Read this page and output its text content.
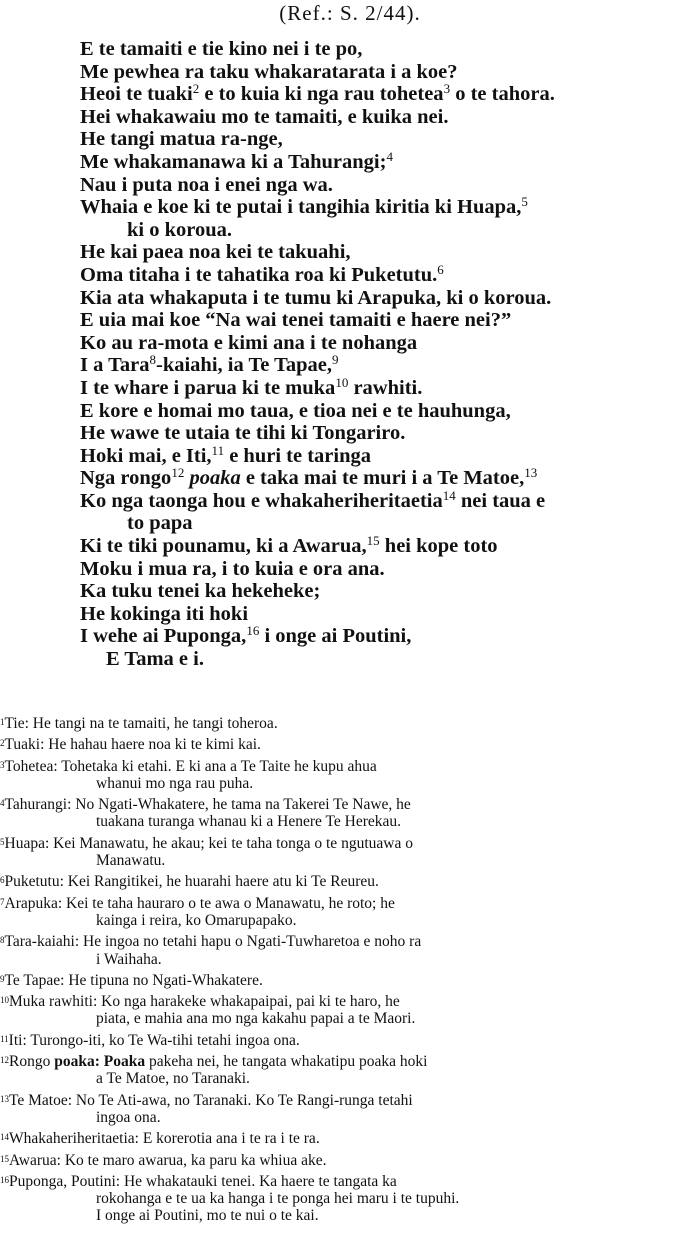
(Ref.: S. 2/44).
E te tamaiti e tie kino nei i te po,
Me pewhea ra taku whakaratarata i a koe?
Heoi te tuaki$^2$ e to kuia ki nga rau tohetea$^3$ o te tahora.
Hei whakawaiu mo te tamaiti, e kuika nei.
He tangi matua ra-nge,
Me whakamanawa ki a Tahurangi;$^4$
Nau i puta noa i enei nga wa.
Whaia e koe ki te putai i tangihia kiritia ki Huapa,$^5$
ki o koroua.
He kai paea noa kei te takuahi,
Oma titaha i te tahatika roa ki Puketutu.$^6$
Kia ata whakaputa i te tumu ki Arapuka, ki o koroua.
E uia mai koe “Na wai tenei tamaiti e haere nei?”
Ko au ra-mota e kimi ana i te nohanga
I a Tara$^8$-kaiahi, ia Te Tapae,$^9$
I te whare i parua ki te muka$^{10}$ rawhiti.
E kore e homai mo taua, e tioa nei e te hauhunga,
He wawe te utaia te tihi ki Tongariro.
Hoki mai, e Iti,$^{11}$ e huri te taringa
Nga rongo$^{12}$ poaka e taka mai te muri i a Te Matoe,$^{13}$
Ko nga taonga hou e whakaheriheritaetia$^{14}$ nei taua e
to papa
Ki te tiki pounamu, ki a Awarua,$^{15}$ hei kope toto
Moku i mua ra, i to kuia e ora ana.
Ka tuku tenei ka hekeheke;
He kokinga iti hoki
I wehe ai Puponga,$^{16}$ i onge ai Poutini,
E Tama e i.
1Tie: He tangi na te tamaiti, he tangi toheroa.
2Tuaki: He hahau haere noa ki te kimi kai.
3Tohetea: Tohetaka ki etahi. E ki ana a Te Taite he kupu ahua
whanui mo nga rau puha.
4Tahurangi: No Ngati-Whakatere, he tama na Takerei Te Nawe, he
tuakana turanga whanau ki a Henere Te Herekau.
5Huapa: Kei Manawatu, he akau; kei te taha tonga o te ngutuawa o
Manawatu.
6Puketutu: Kei Rangitikei, he huarahi haere atu ki Te Reureu.
7Arapuka: Kei te taha hauraro o te awa o Manawatu, he roto; he
kainga i reira, ko Omarupapako.
8Tara-kaiahi: He ingoa no tetahi hapu o Ngati-Tuwharetoa e noho ra
i Waihaha.
9Te Tapae: He tipuna no Ngati-Whakatere.
10Muka rawhiti: Ko nga harakeke whakapaipai, pai ki te haro, he
piata, e mahia ana mo nga kakahu papai a te Maori.
11Iti: Turongo-iti, ko Te Wa-tihi tetahi ingoa ona.
12Rongo poaka: Poaka pakeha nei, he tangata whakatipu poaka hoki
a Te Matoe, no Taranaki.
13Te Matoe: No Te Ati-awa, no Taranaki. Ko Te Rangi-runga tetahi
ingoa ona.
14Whakaheriheritaetia: E korerotia ana i te ra i te ra.
15Awarua: Ko te maro awarua, ka paru ka whiua ake.
16Puponga, Poutini: He whakatauki tenei. Ka haere te tangata ka
rokohanga e te ua ka hanga i te ponga hei maru i te tupuhi.
I onge ai Poutini, mo te nui o te kai.
